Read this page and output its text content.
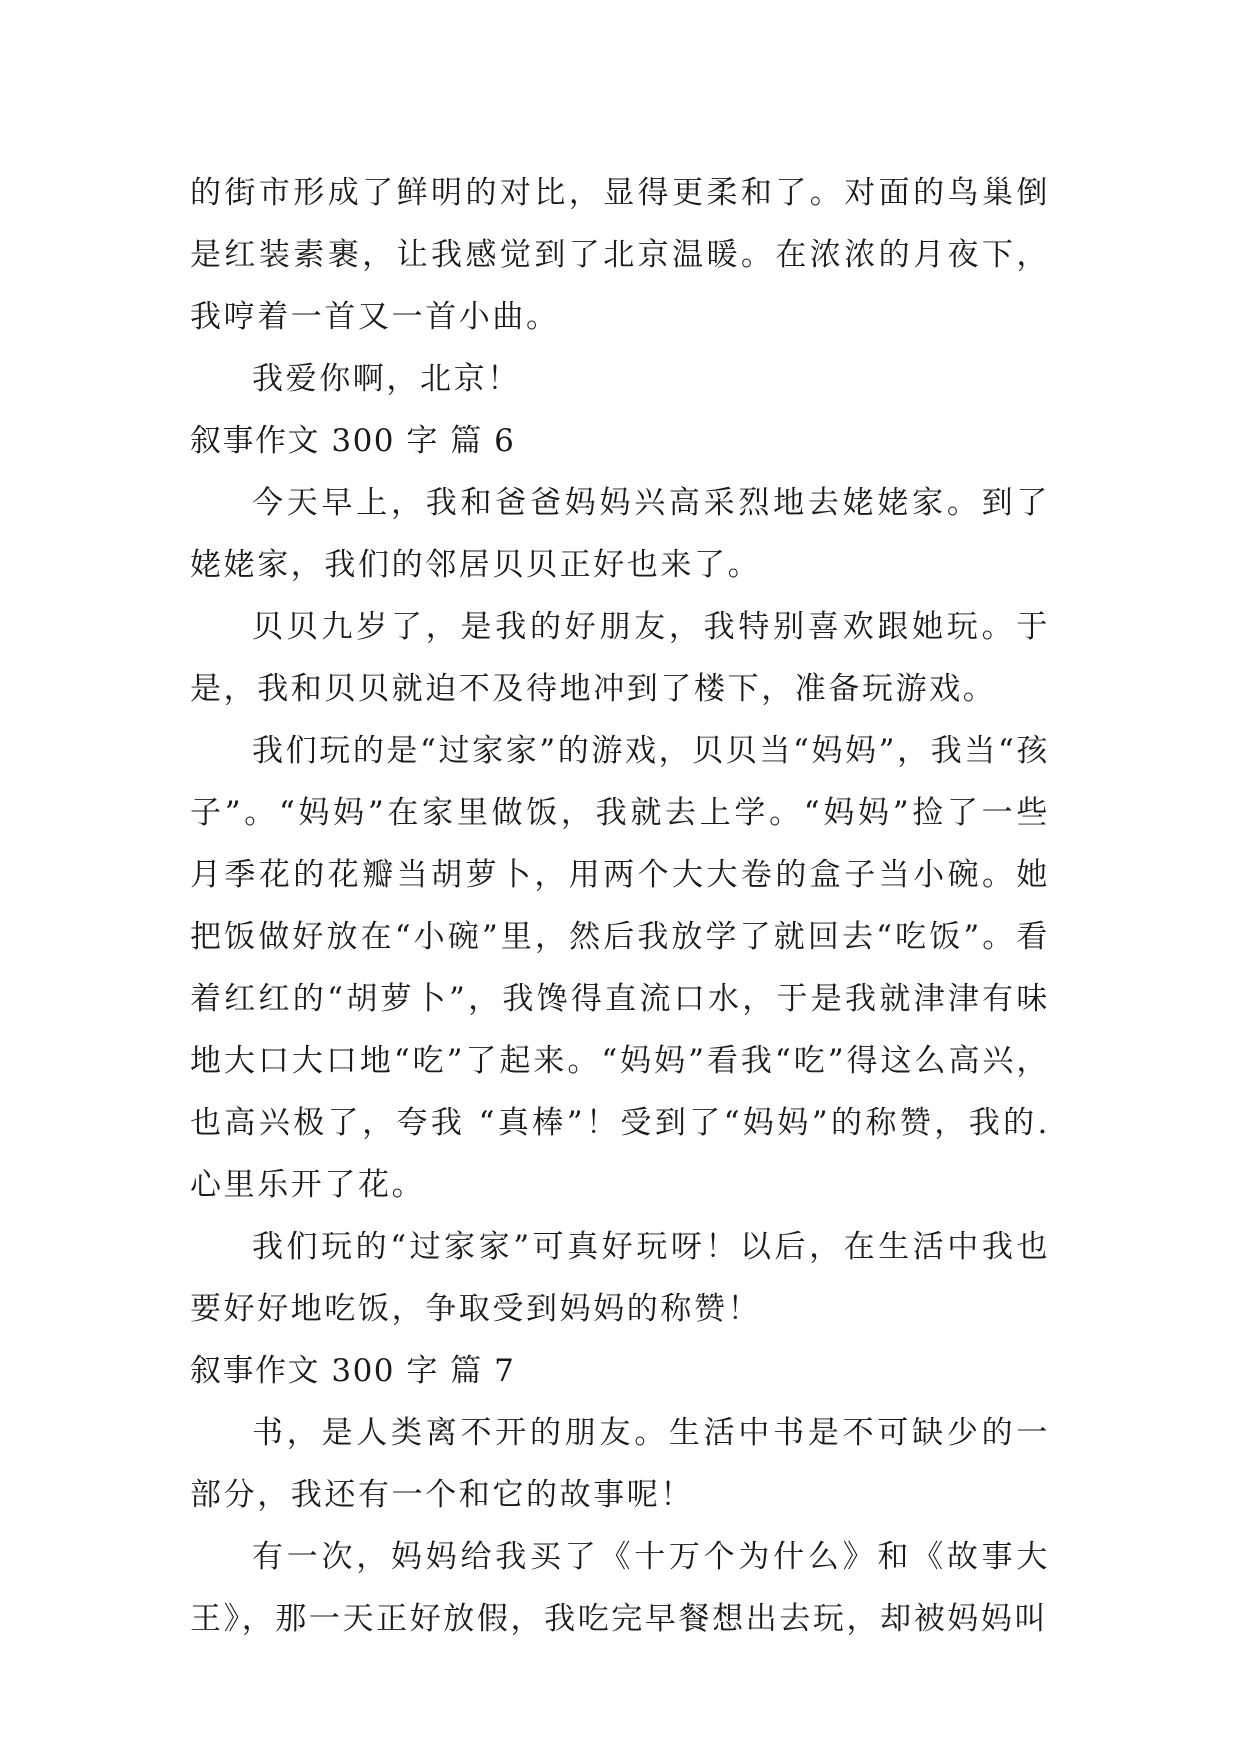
的街市形成了鲜明的对比，显得更柔和了。对面的鸟巢倒是红装素裹，让我感觉到了北京温暖。在浓浓的月夜下，我哼着一首又一首小曲。

我爱你啊，北京！

叙事作文 300 字 篇 6

今天早上，我和爸爸妈妈兴高采烈地去姥姥家。到了姥姥家，我们的邻居贝贝正好也来了。

贝贝九岁了，是我的好朋友，我特别喜欢跟她玩。于是，我和贝贝就迫不及待地冲到了楼下，准备玩游戏。

我们玩的是“过家家”的游戏，贝贝当“妈妈”，我当“孩子”。“妈妈”在家里做饭，我就去上学。“妈妈”捡了一些月季花的花瓣当胡萝卜，用两个大大卷的盒子当小碗。她把饭做好放在“小碗”里，然后我放学了就回去“吃饭”。看着红红的“胡萝卜”，我馋得直流口水，于是我就津津有味地大口大口地“吃”了起来。“妈妈”看我“吃”得这么高兴，也高兴极了，夸我 “真棒”！受到了“妈妈”的称赞，我的.心里乐开了花。

我们玩的“过家家”可真好玩呀！以后，在生活中我也要好好地吃饭，争取受到妈妈的称赞！

叙事作文 300 字 篇 7

书，是人类离不开的朋友。生活中书是不可缺少的一部分，我还有一个和它的故事呢！

有一次，妈妈给我买了《十万个为什么》和《故事大王》，那一天正好放假，我吃完早餐想出去玩，却被妈妈叫
